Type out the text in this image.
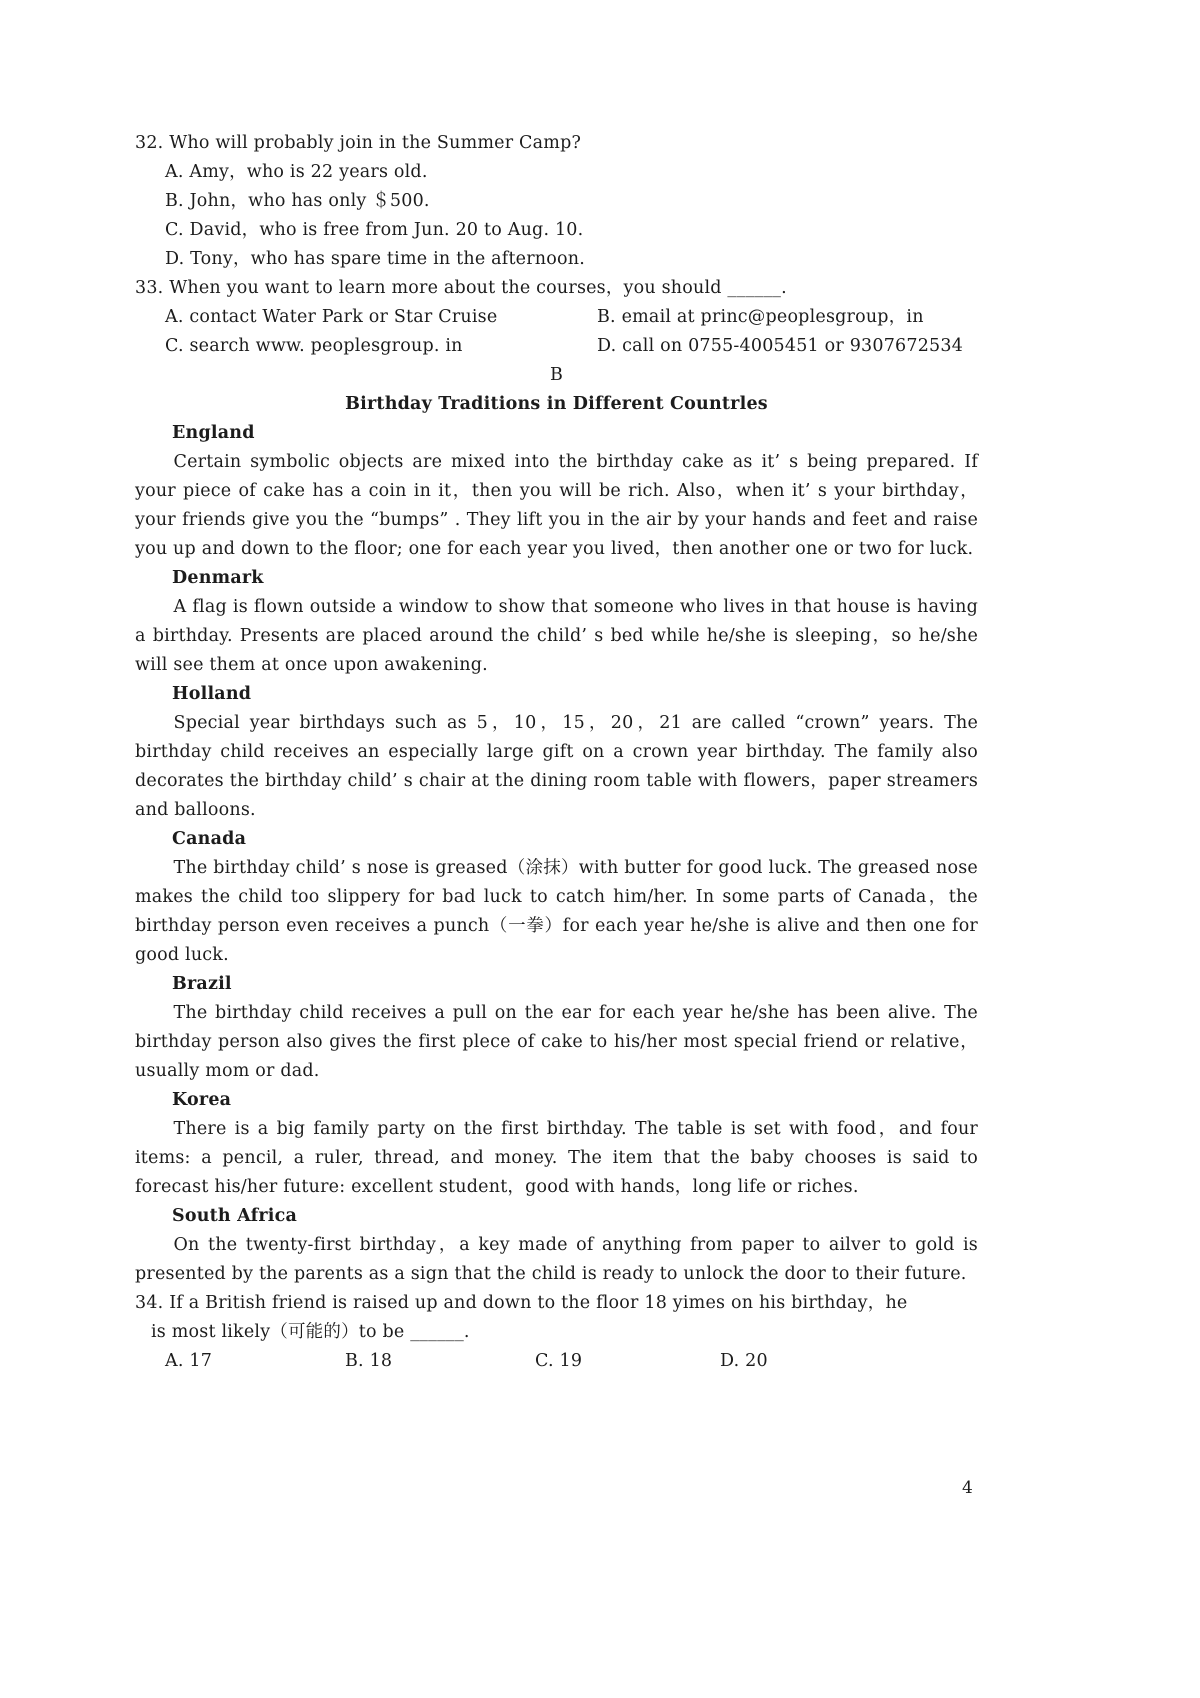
32. Who will probably join in the Summer Camp?
A. Amy，who is 22 years old.
B. John，who has only ＄500.
C. David，who is free from Jun. 20 to Aug. 10.
D. Tony，who has spare time in the afternoon.
33. When you want to learn more about the courses，you should ______.
A. contact Water Park or Star Cruise	B. email at princ@peoplesgroup，in
C. search www. peoplesgroup. in	D. call on 0755-4005451 or 9307672534
B
Birthday Traditions in Different Countrles
England
Certain symbolic objects are mixed into the birthday cake as it’ s being prepared. If your piece of cake has a coin in it，then you will be rich. Also，when it’ s your birthday，your friends give you the “bumps” . They lift you in the air by your hands and feet and raise you up and down to the floor; one for each year you lived，then another one or two for luck.
Denmark
A flag is flown outside a window to show that someone who lives in that house is having a birthday. Presents are placed around the child’ s bed while he/she is sleeping，so he/she will see them at once upon awakening.
Holland
Special year birthdays such as 5，10，15，20，21 are called “crown” years. The birthday child receives an especially large gift on a crown year birthday. The family also decorates the birthday child’ s chair at the dining room table with flowers，paper streamers and balloons.
Canada
The birthday child’ s nose is greased（涂抹）with butter for good luck. The greased nose makes the child too slippery for bad luck to catch him/her. In some parts of Canada，the birthday person even receives a punch（一拳）for each year he/she is alive and then one for good luck.
Brazil
The birthday child receives a pull on the ear for each year he/she has been alive. The birthday person also gives the first plece of cake to his/her most special friend or relative，usually mom or dad.
Korea
There is a big family party on the first birthday. The table is set with food，and four items: a pencil, a ruler, thread, and money. The item that the baby chooses is said to forecast his/her future: excellent student，good with hands，long life or riches.
South Africa
On the twenty-first birthday，a key made of anything from paper to ailver to gold is presented by the parents as a sign that the child is ready to unlock the door to their future.
34. If a British friend is raised up and down to the floor 18 yimes on his birthday，he
is most likely（可能的）to be ______.
A. 17	B. 18	C. 19	D. 20
4
